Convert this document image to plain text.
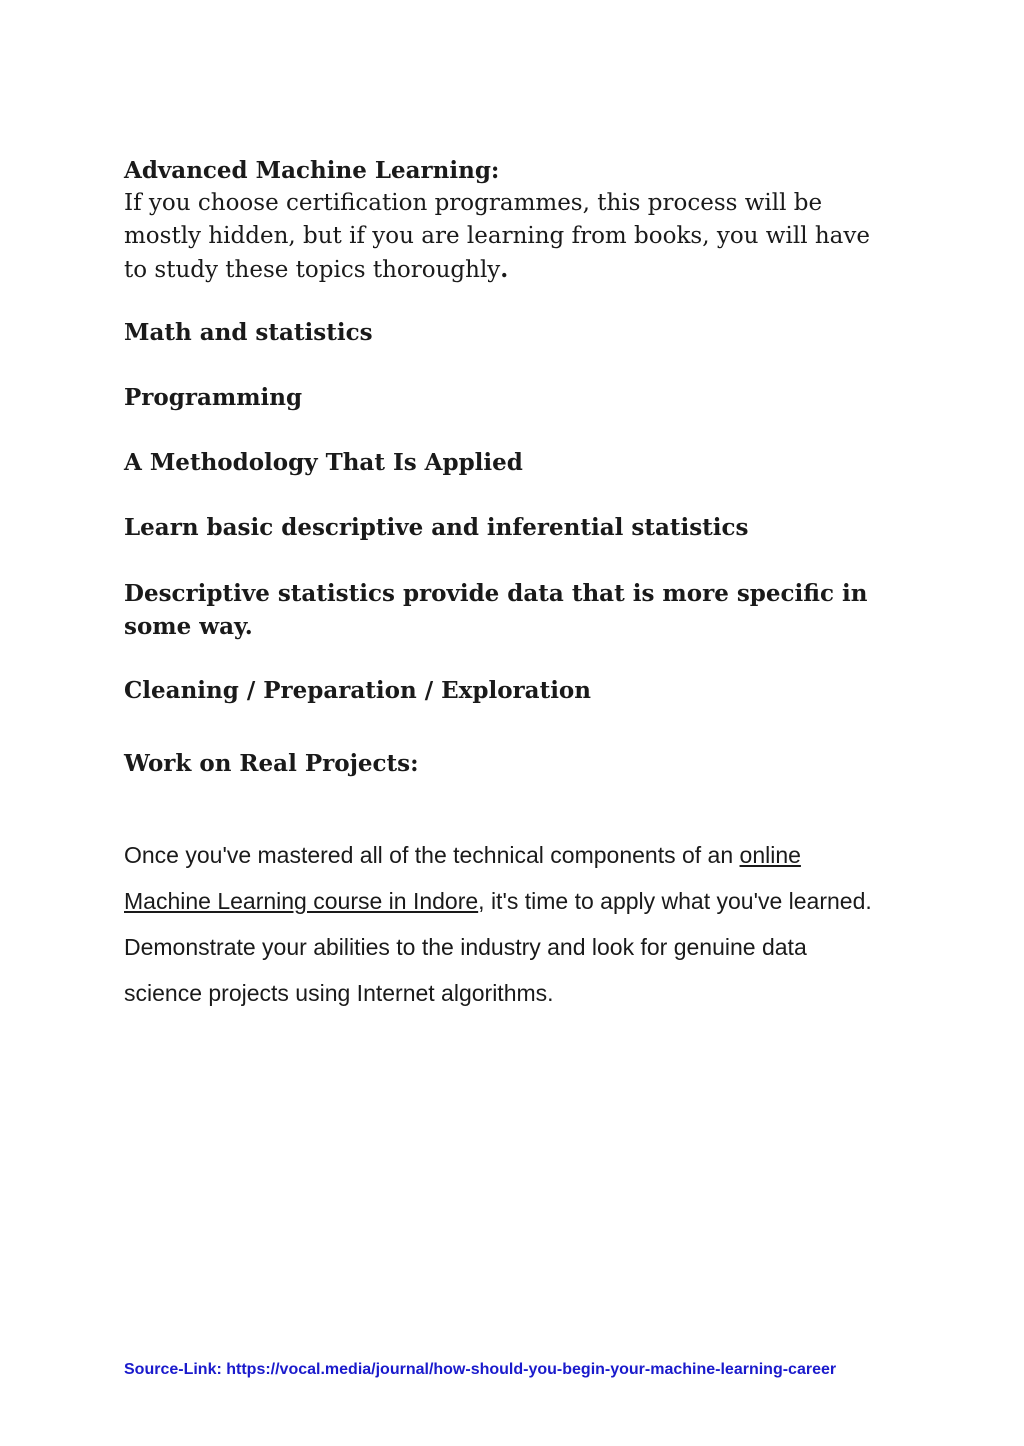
Advanced Machine Learning:
If you choose certification programmes, this process will be mostly hidden, but if you are learning from books, you will have to study these topics thoroughly.
Math and statistics
Programming
A Methodology That Is Applied
Learn basic descriptive and inferential statistics
Descriptive statistics provide data that is more specific in some way.
Cleaning / Preparation / Exploration
Work on Real Projects:
Once you've mastered all of the technical components of an online Machine Learning course in Indore, it's time to apply what you've learned. Demonstrate your abilities to the industry and look for genuine data science projects using Internet algorithms.
Source-Link: https://vocal.media/journal/how-should-you-begin-your-machine-learning-career
